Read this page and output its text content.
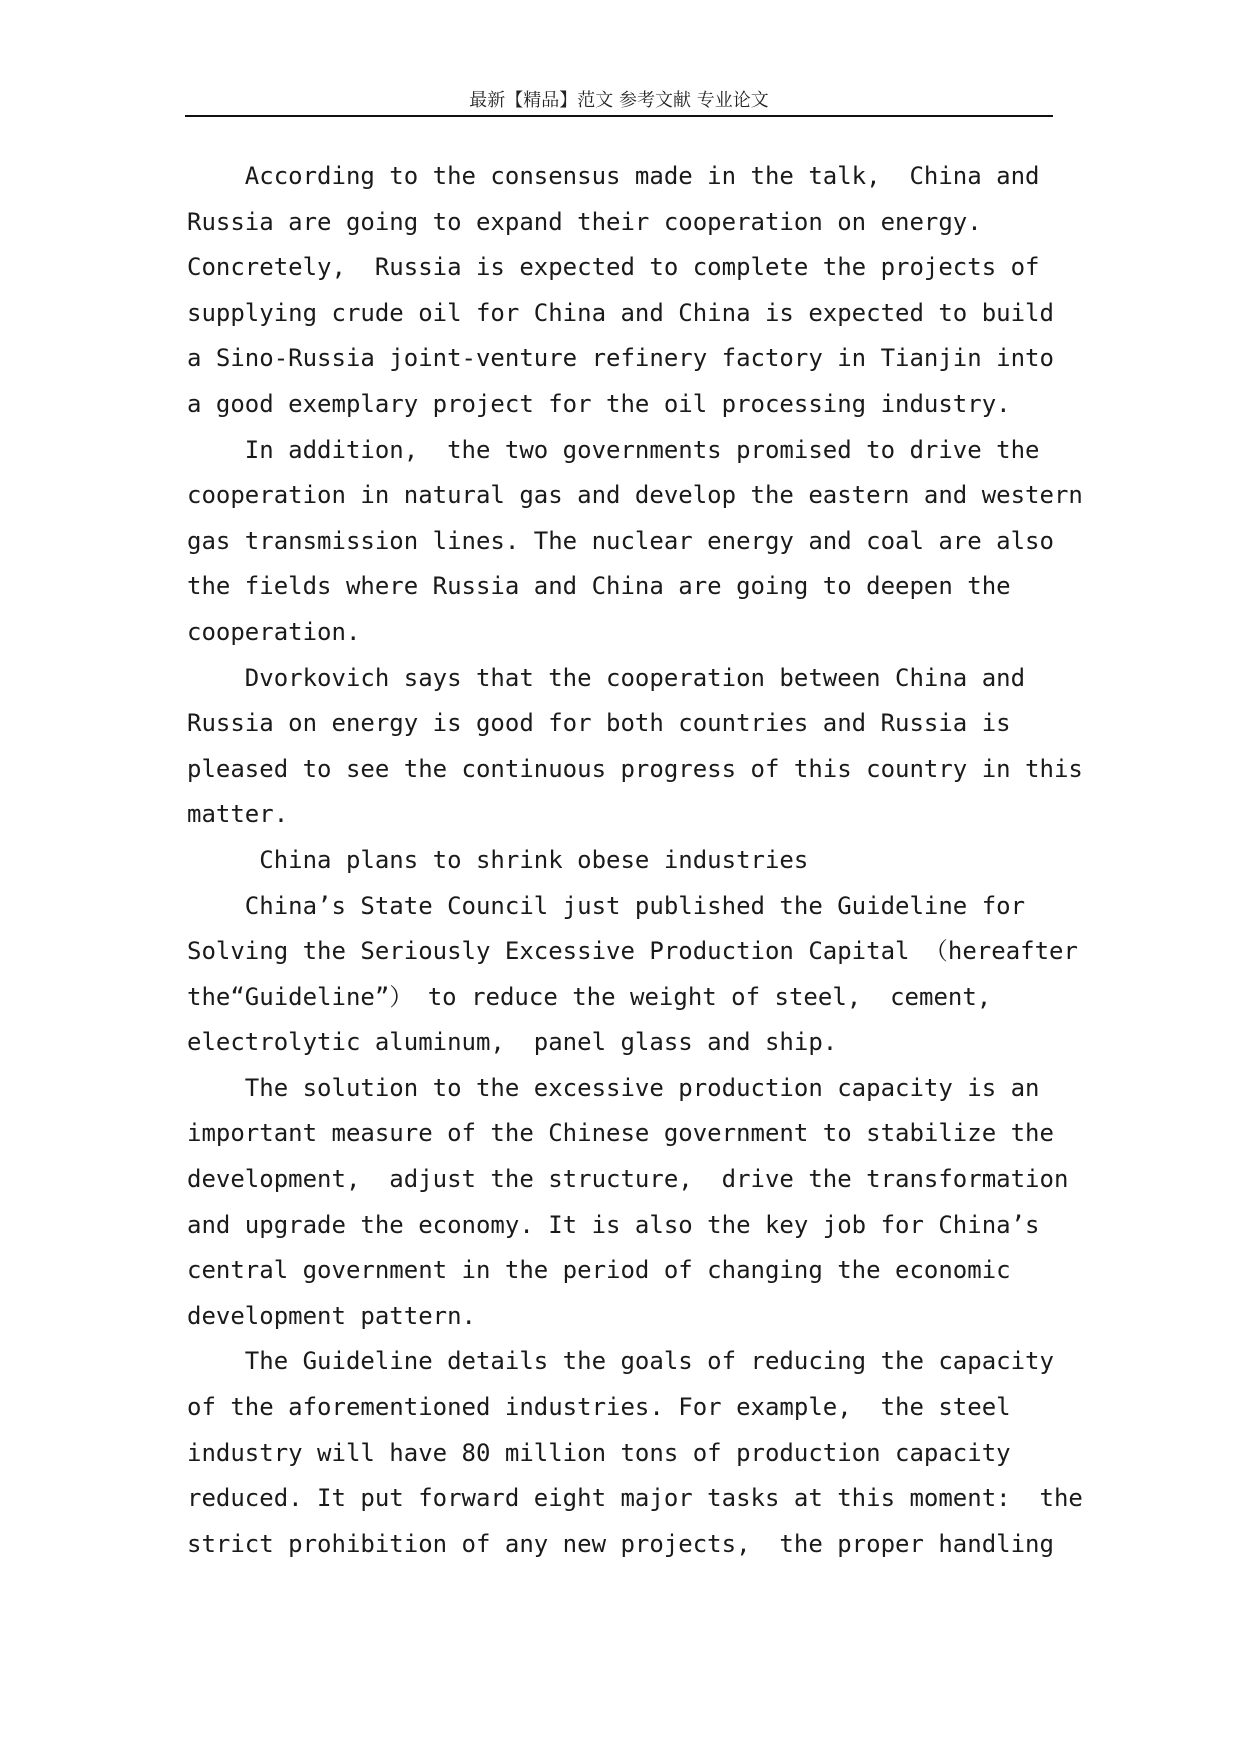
最新【精品】范文 参考文献 专业论文
According to the consensus made in the talk,  China and
Russia are going to expand their cooperation on energy.
Concretely,  Russia is expected to complete the projects of
supplying crude oil for China and China is expected to build
a Sino-Russia joint-venture refinery factory in Tianjin into
a good exemplary project for the oil processing industry.
In addition,  the two governments promised to drive the
cooperation in natural gas and develop the eastern and western
gas transmission lines. The nuclear energy and coal are also
the fields where Russia and China are going to deepen the
cooperation.
Dvorkovich says that the cooperation between China and
Russia on energy is good for both countries and Russia is
pleased to see the continuous progress of this country in this
matter.
China plans to shrink obese industries
China’s State Council just published the Guideline for
Solving the Seriously Excessive Production Capital （hereafter
the“Guideline”） to reduce the weight of steel,  cement,
electrolytic aluminum,  panel glass and ship.
The solution to the excessive production capacity is an
important measure of the Chinese government to stabilize the
development,  adjust the structure,  drive the transformation
and upgrade the economy. It is also the key job for China’s
central government in the period of changing the economic
development pattern.
The Guideline details the goals of reducing the capacity
of the aforementioned industries. For example,  the steel
industry will have 80 million tons of production capacity
reduced. It put forward eight major tasks at this moment:  the
strict prohibition of any new projects,  the proper handling
